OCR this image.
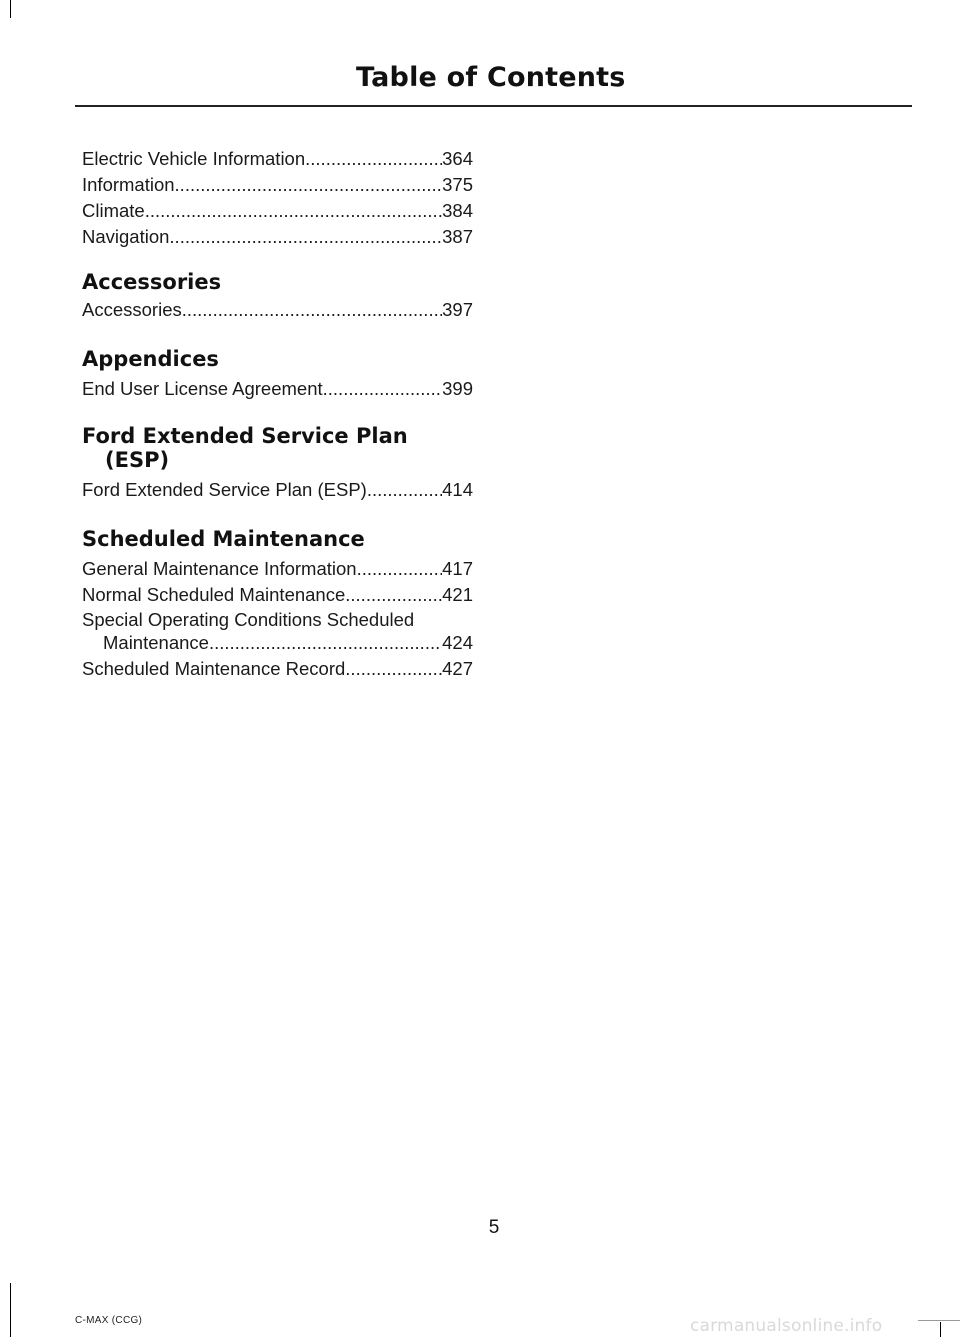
Table of Contents
Electric Vehicle Information .....	364
Information .....	375
Climate .....	384
Navigation .....	387
Accessories
Accessories .....	397
Appendices
End User License Agreement .....	399
Ford Extended Service Plan
(ESP)
Ford Extended Service Plan (ESP) .....	414
Scheduled Maintenance
General Maintenance Information .....	417
Normal Scheduled Maintenance .....	421
Special Operating Conditions Scheduled
Maintenance .....	424
Scheduled Maintenance Record .....	427

5

C-MAX (CCG)	carmanualsonline.info
